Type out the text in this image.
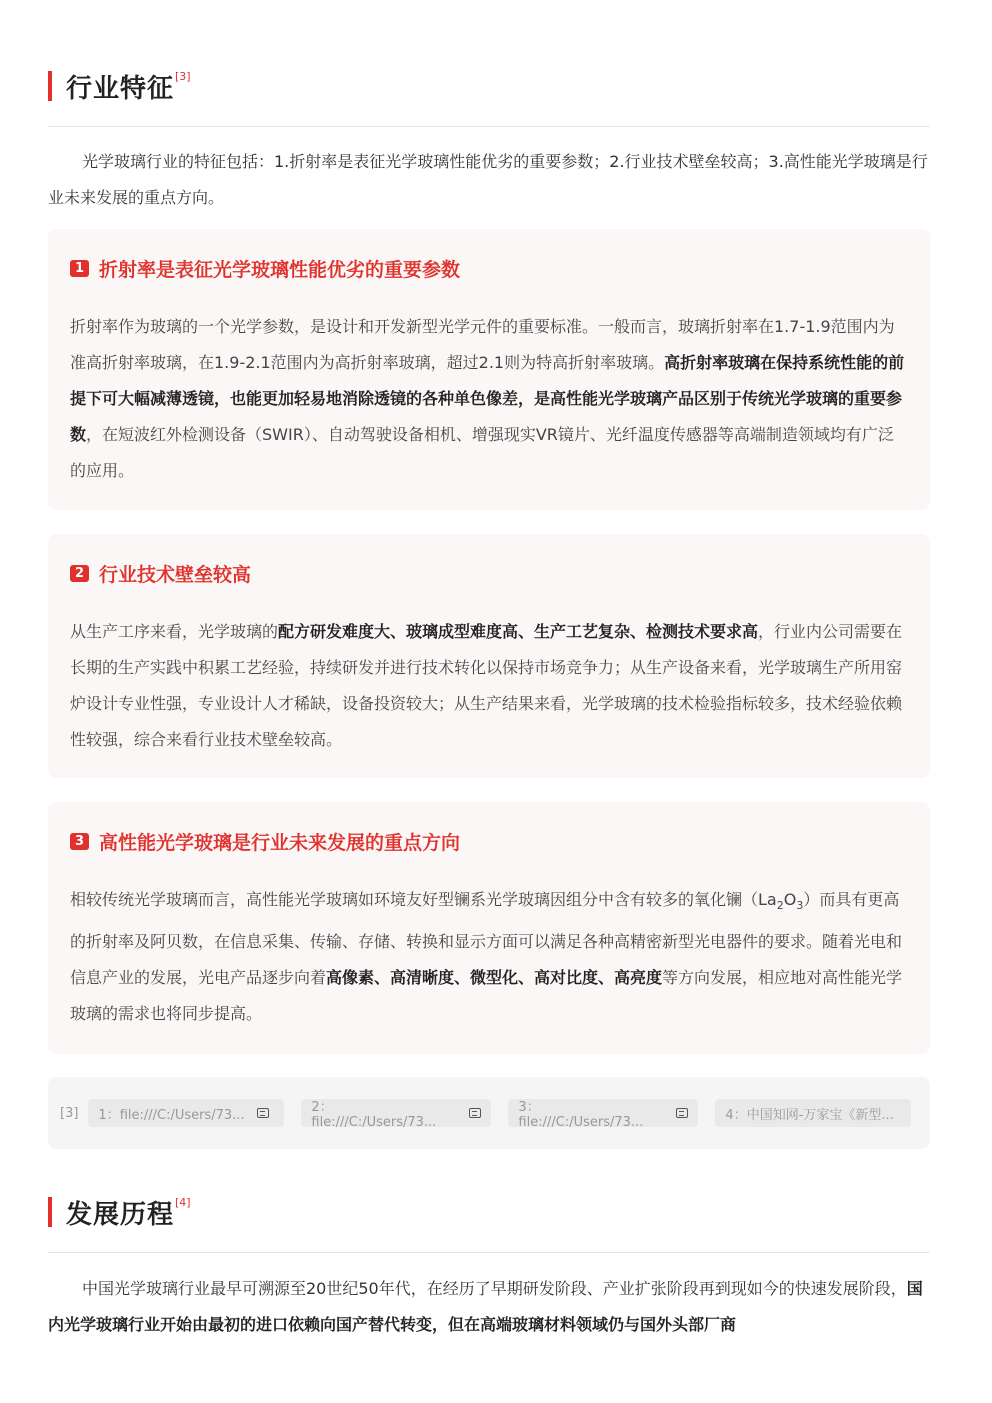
行业特征 [3]

光学玻璃行业的特征包括：1.折射率是表征光学玻璃性能优劣的重要参数；2.行业技术壁垒较高；3.高性能光学玻璃是行业未来发展的重点方向。

1 折射率是表征光学玻璃性能优劣的重要参数
折射率作为玻璃的一个光学参数，是设计和开发新型光学元件的重要标准。一般而言，玻璃折射率在1.7-1.9范围内为准高折射率玻璃，在1.9-2.1范围内为高折射率玻璃，超过2.1则为特高折射率玻璃。高折射率玻璃在保持系统性能的前提下可大幅减薄透镜，也能更加轻易地消除透镜的各种单色像差，是高性能光学玻璃产品区别于传统光学玻璃的重要参数，在短波红外检测设备（SWIR）、自动驾驶设备相机、增强现实VR镜片、光纤温度传感器等高端制造领域均有广泛的应用。
2 行业技术壁垒较高
从生产工序来看，光学玻璃的配方研发难度大、玻璃成型难度高、生产工艺复杂、检测技术要求高，行业内公司需要在长期的生产实践中积累工艺经验，持续研发并进行技术转化以保持市场竞争力；从生产设备来看，光学玻璃生产所用窑炉设计专业性强，专业设计人才稀缺，设备投资较大；从生产结果来看，光学玻璃的技术检验指标较多，技术经验依赖性较强，综合来看行业技术壁垒较高。
3 高性能光学玻璃是行业未来发展的重点方向
相较传统光学玻璃而言，高性能光学玻璃如环境友好型镧系光学玻璃因组分中含有较多的氧化镧$(La_2O_3)$而具有更高的折射率及阿贝数，在信息采集、传输、存储、转换和显示方面可以满足各种高精密新型光电器件的要求。随着光电和信息产业的发展，光电产品逐步向着高像素、高清晰度、微型化、高对比度、高亮度等方向发展，相应地对高性能光学玻璃的需求也将同步提高。
[3] 1：file:///C:/Users/73...	2：file:///C:/Users/73...
3：file:///C:/Users/73...	4：中国知网-万家宝《新型...
发展历程 [4]

中国光学玻璃行业最早可溯源至20世纪50年代，在经历了早期研发阶段、产业扩张阶段再到现如今的快速发展阶段，国内光学玻璃行业开始由最初的进口依赖向国产替代转变，但在高端玻璃材料领域仍与国外头部厂商
